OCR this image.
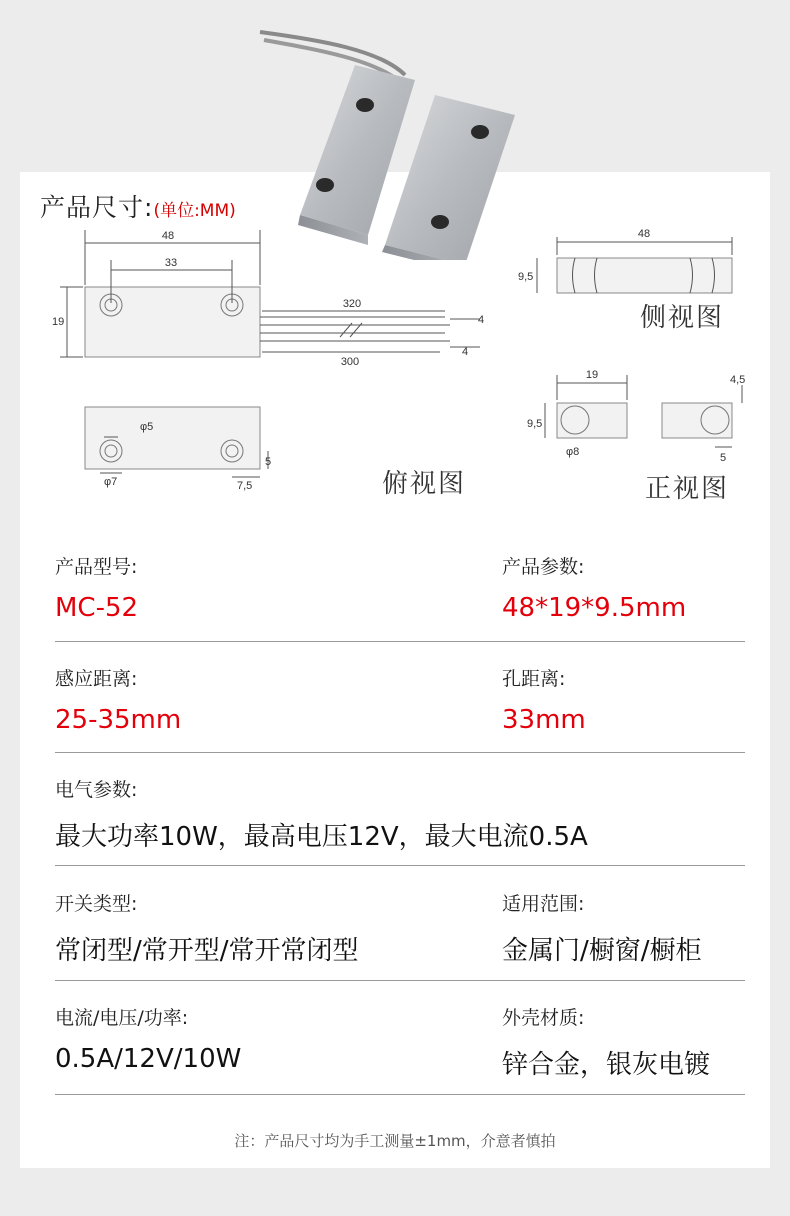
产品尺寸:(单位:MM)
48
33
19
320
300
4
4
φ5
φ7	7,5
5
48
9,5
19
9,5
φ8
4,5
5
侧视图
俯视图	正视图
产品型号:
MC-52
产品参数:
48*19*9.5mm
感应距离:
25-35mm
孔距离:
33mm
电气参数:
最大功率10W，最高电压12V，最大电流0.5A
开关类型:
常闭型/常开型/常开常闭型
适用范围:
金属门/橱窗/橱柜
电流/电压/功率:
0.5A/12V/10W
外壳材质:
锌合金，银灰电镀
注：产品尺寸均为手工测量±1mm，介意者慎拍
